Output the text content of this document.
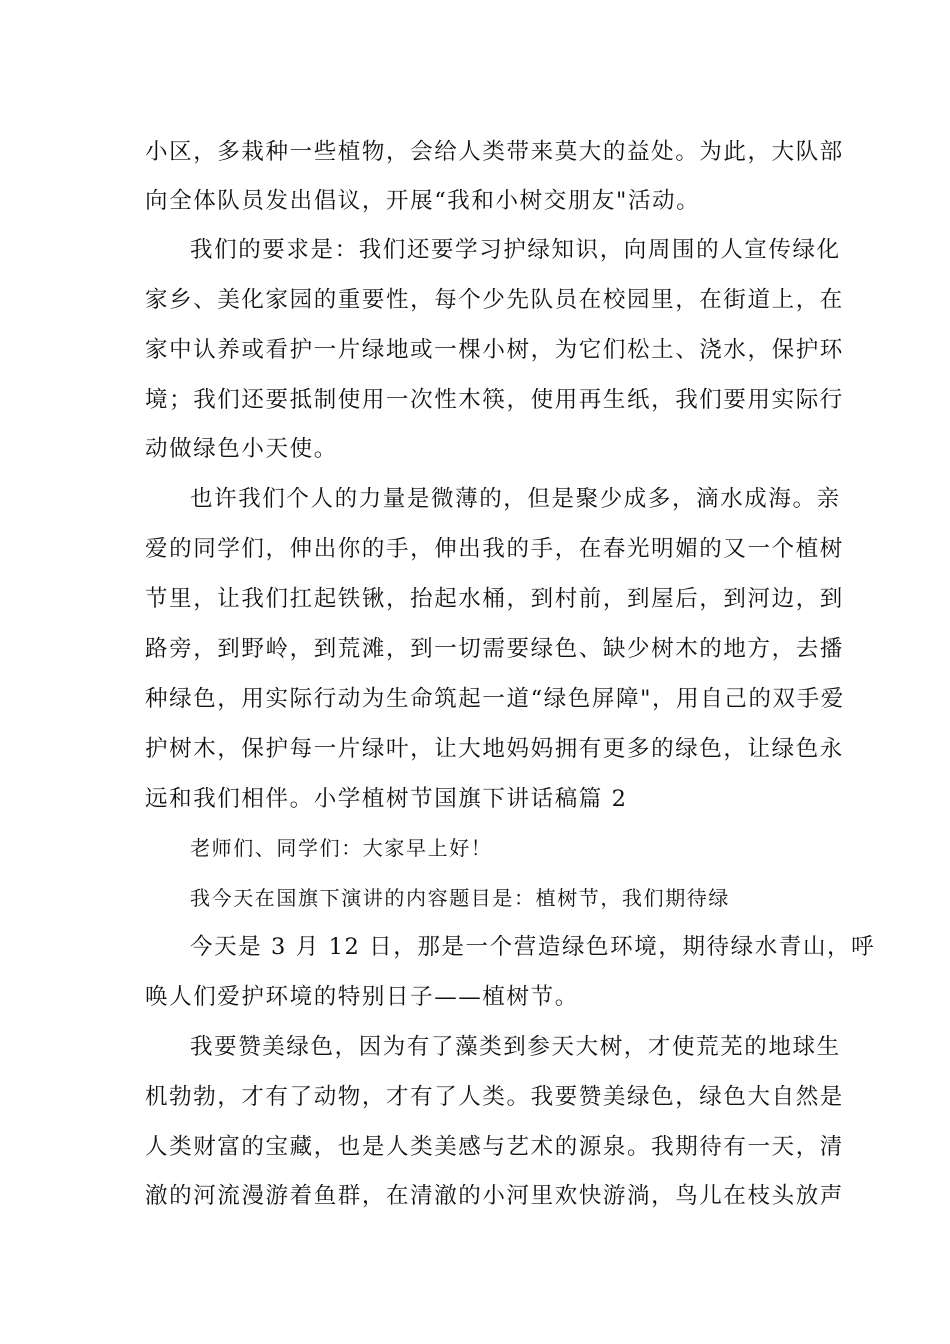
小区，多栽种一些植物，会给人类带来莫大的益处。为此，大队部
向全体队员发出倡议，开展“我和小树交朋友"活动。
我们的要求是：我们还要学习护绿知识，向周围的人宣传绿化
家乡、美化家园的重要性，每个少先队员在校园里，在街道上，在
家中认养或看护一片绿地或一棵小树，为它们松土、浇水，保护环
境；我们还要抵制使用一次性木筷，使用再生纸，我们要用实际行
动做绿色小天使。
也许我们个人的力量是微薄的，但是聚少成多，滴水成海。亲
爱的同学们，伸出你的手，伸出我的手，在春光明媚的又一个植树
节里，让我们扛起铁锹，抬起水桶，到村前，到屋后，到河边，到
路旁，到野岭，到荒滩，到一切需要绿色、缺少树木的地方，去播
种绿色，用实际行动为生命筑起一道“绿色屏障"，用自己的双手爱
护树木，保护每一片绿叶，让大地妈妈拥有更多的绿色，让绿色永
远和我们相伴。小学植树节国旗下讲话稿篇 2
老师们、同学们：大家早上好！
我今天在国旗下演讲的内容题目是：植树节，我们期待绿
今天是 3 月 12 日，那是一个营造绿色环境，期待绿水青山，呼
唤人们爱护环境的特别日子——植树节。
我要赞美绿色，因为有了藻类到参天大树，才使荒芜的地球生
机勃勃，才有了动物，才有了人类。我要赞美绿色，绿色大自然是
人类财富的宝藏，也是人类美感与艺术的源泉。我期待有一天，清
澈的河流漫游着鱼群，在清澈的小河里欢快游淌，鸟儿在枝头放声
